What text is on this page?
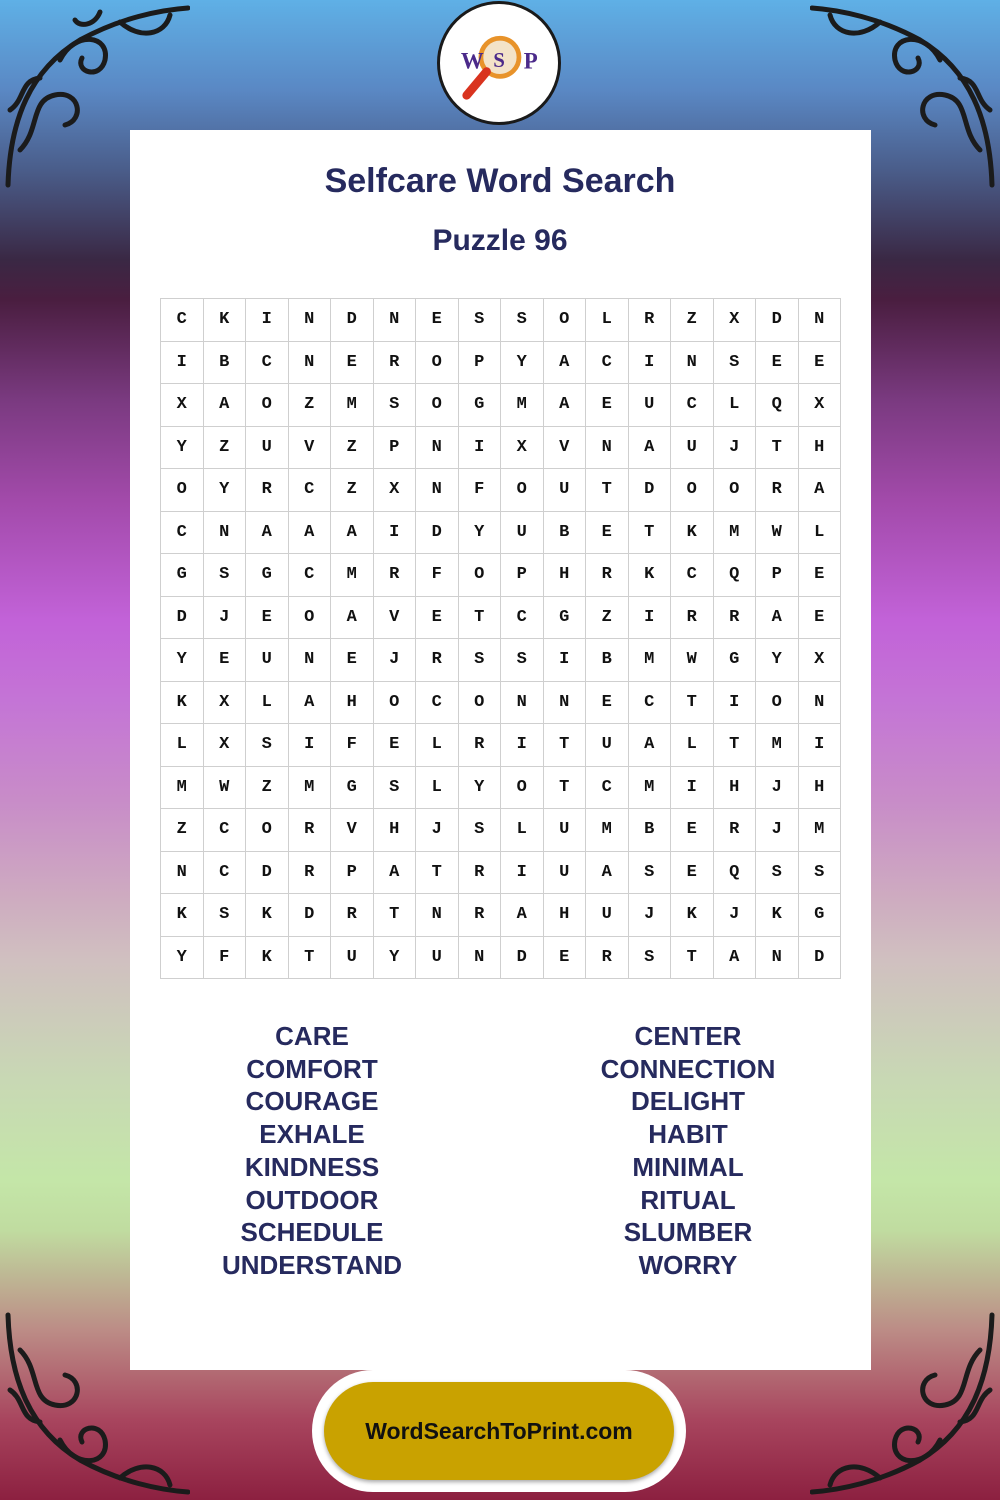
W S P
Selfcare Word Search
Puzzle 96
C	K	I	N	D	N	E	S	S	O	L	R	Z	X	D	N
I	B	C	N	E	R	O	P	Y	A	C	I	N	S	E	E
X	A	O	Z	M	S	O	G	M	A	E	U	C	L	Q	X
Y	Z	U	V	Z	P	N	I	X	V	N	A	U	J	T	H
O	Y	R	C	Z	X	N	F	O	U	T	D	O	O	R	A
C	N	A	A	A	I	D	Y	U	B	E	T	K	M	W	L
G	S	G	C	M	R	F	O	P	H	R	K	C	Q	P	E
D	J	E	O	A	V	E	T	C	G	Z	I	R	R	A	E
Y	E	U	N	E	J	R	S	S	I	B	M	W	G	Y	X
K	X	L	A	H	O	C	O	N	N	E	C	T	I	O	N
L	X	S	I	F	E	L	R	I	T	U	A	L	T	M	I
M	W	Z	M	G	S	L	Y	O	T	C	M	I	H	J	H
Z	C	O	R	V	H	J	S	L	U	M	B	E	R	J	M
N	C	D	R	P	A	T	R	I	U	A	S	E	Q	S	S
K	S	K	D	R	T	N	R	A	H	U	J	K	J	K	G
Y	F	K	T	U	Y	U	N	D	E	R	S	T	A	N	D
CARE
COMFORT
COURAGE
EXHALE
KINDNESS
OUTDOOR
SCHEDULE
UNDERSTAND
CENTER
CONNECTION
DELIGHT
HABIT
MINIMAL
RITUAL
SLUMBER
WORRY
WordSearchToPrint.com
